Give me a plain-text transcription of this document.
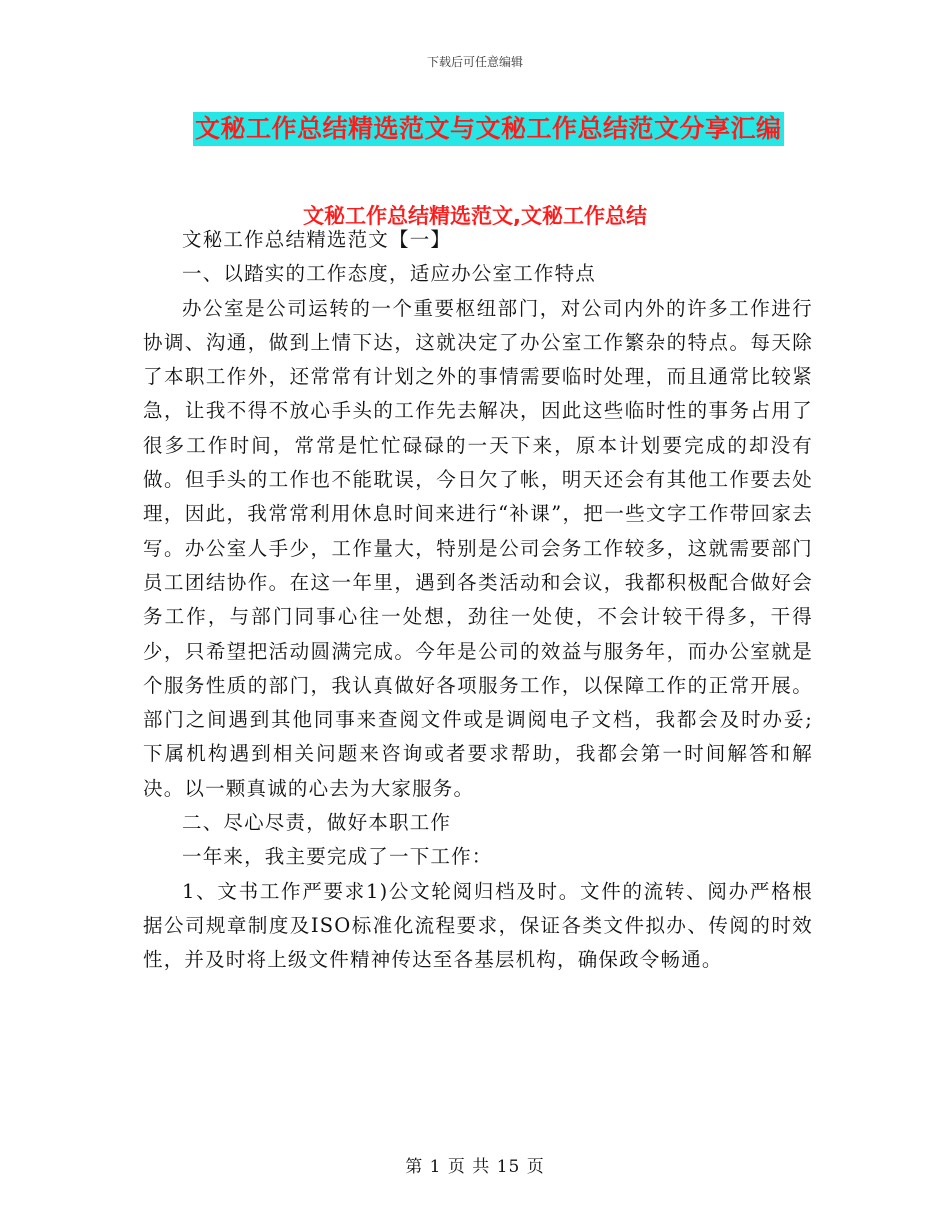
下载后可任意编辑
文秘工作总结精选范文与文秘工作总结范文分享汇编
文秘工作总结精选范文,文秘工作总结

文秘工作总结精选范文【一】

一、以踏实的工作态度，适应办公室工作特点

办公室是公司运转的一个重要枢纽部门，对公司内外的许多工作进行协调、沟通，做到上情下达，这就决定了办公室工作繁杂的特点。每天除了本职工作外，还常常有计划之外的事情需要临时处理，而且通常比较紧急，让我不得不放心手头的工作先去解决，因此这些临时性的事务占用了很多工作时间，常常是忙忙碌碌的一天下来，原本计划要完成的却没有做。但手头的工作也不能耽误，今日欠了帐，明天还会有其他工作要去处理，因此，我常常利用休息时间来进行“补课”，把一些文字工作带回家去写。办公室人手少，工作量大，特别是公司会务工作较多，这就需要部门员工团结协作。在这一年里，遇到各类活动和会议，我都积极配合做好会务工作，与部门同事心往一处想，劲往一处使，不会计较干得多，干得少，只希望把活动圆满完成。今年是公司的效益与服务年，而办公室就是个服务性质的部门，我认真做好各项服务工作，以保障工作的正常开展。部门之间遇到其他同事来查阅文件或是调阅电子文档，我都会及时办妥;下属机构遇到相关问题来咨询或者要求帮助，我都会第一时间解答和解决。以一颗真诚的心去为大家服务。

二、尽心尽责，做好本职工作

一年来，我主要完成了一下工作：

1、文书工作严要求1)公文轮阅归档及时。文件的流转、阅办严格根据公司规章制度及ISO标准化流程要求，保证各类文件拟办、传阅的时效性，并及时将上级文件精神传达至各基层机构，确保政令畅通。

第 1 页 共 15 页
